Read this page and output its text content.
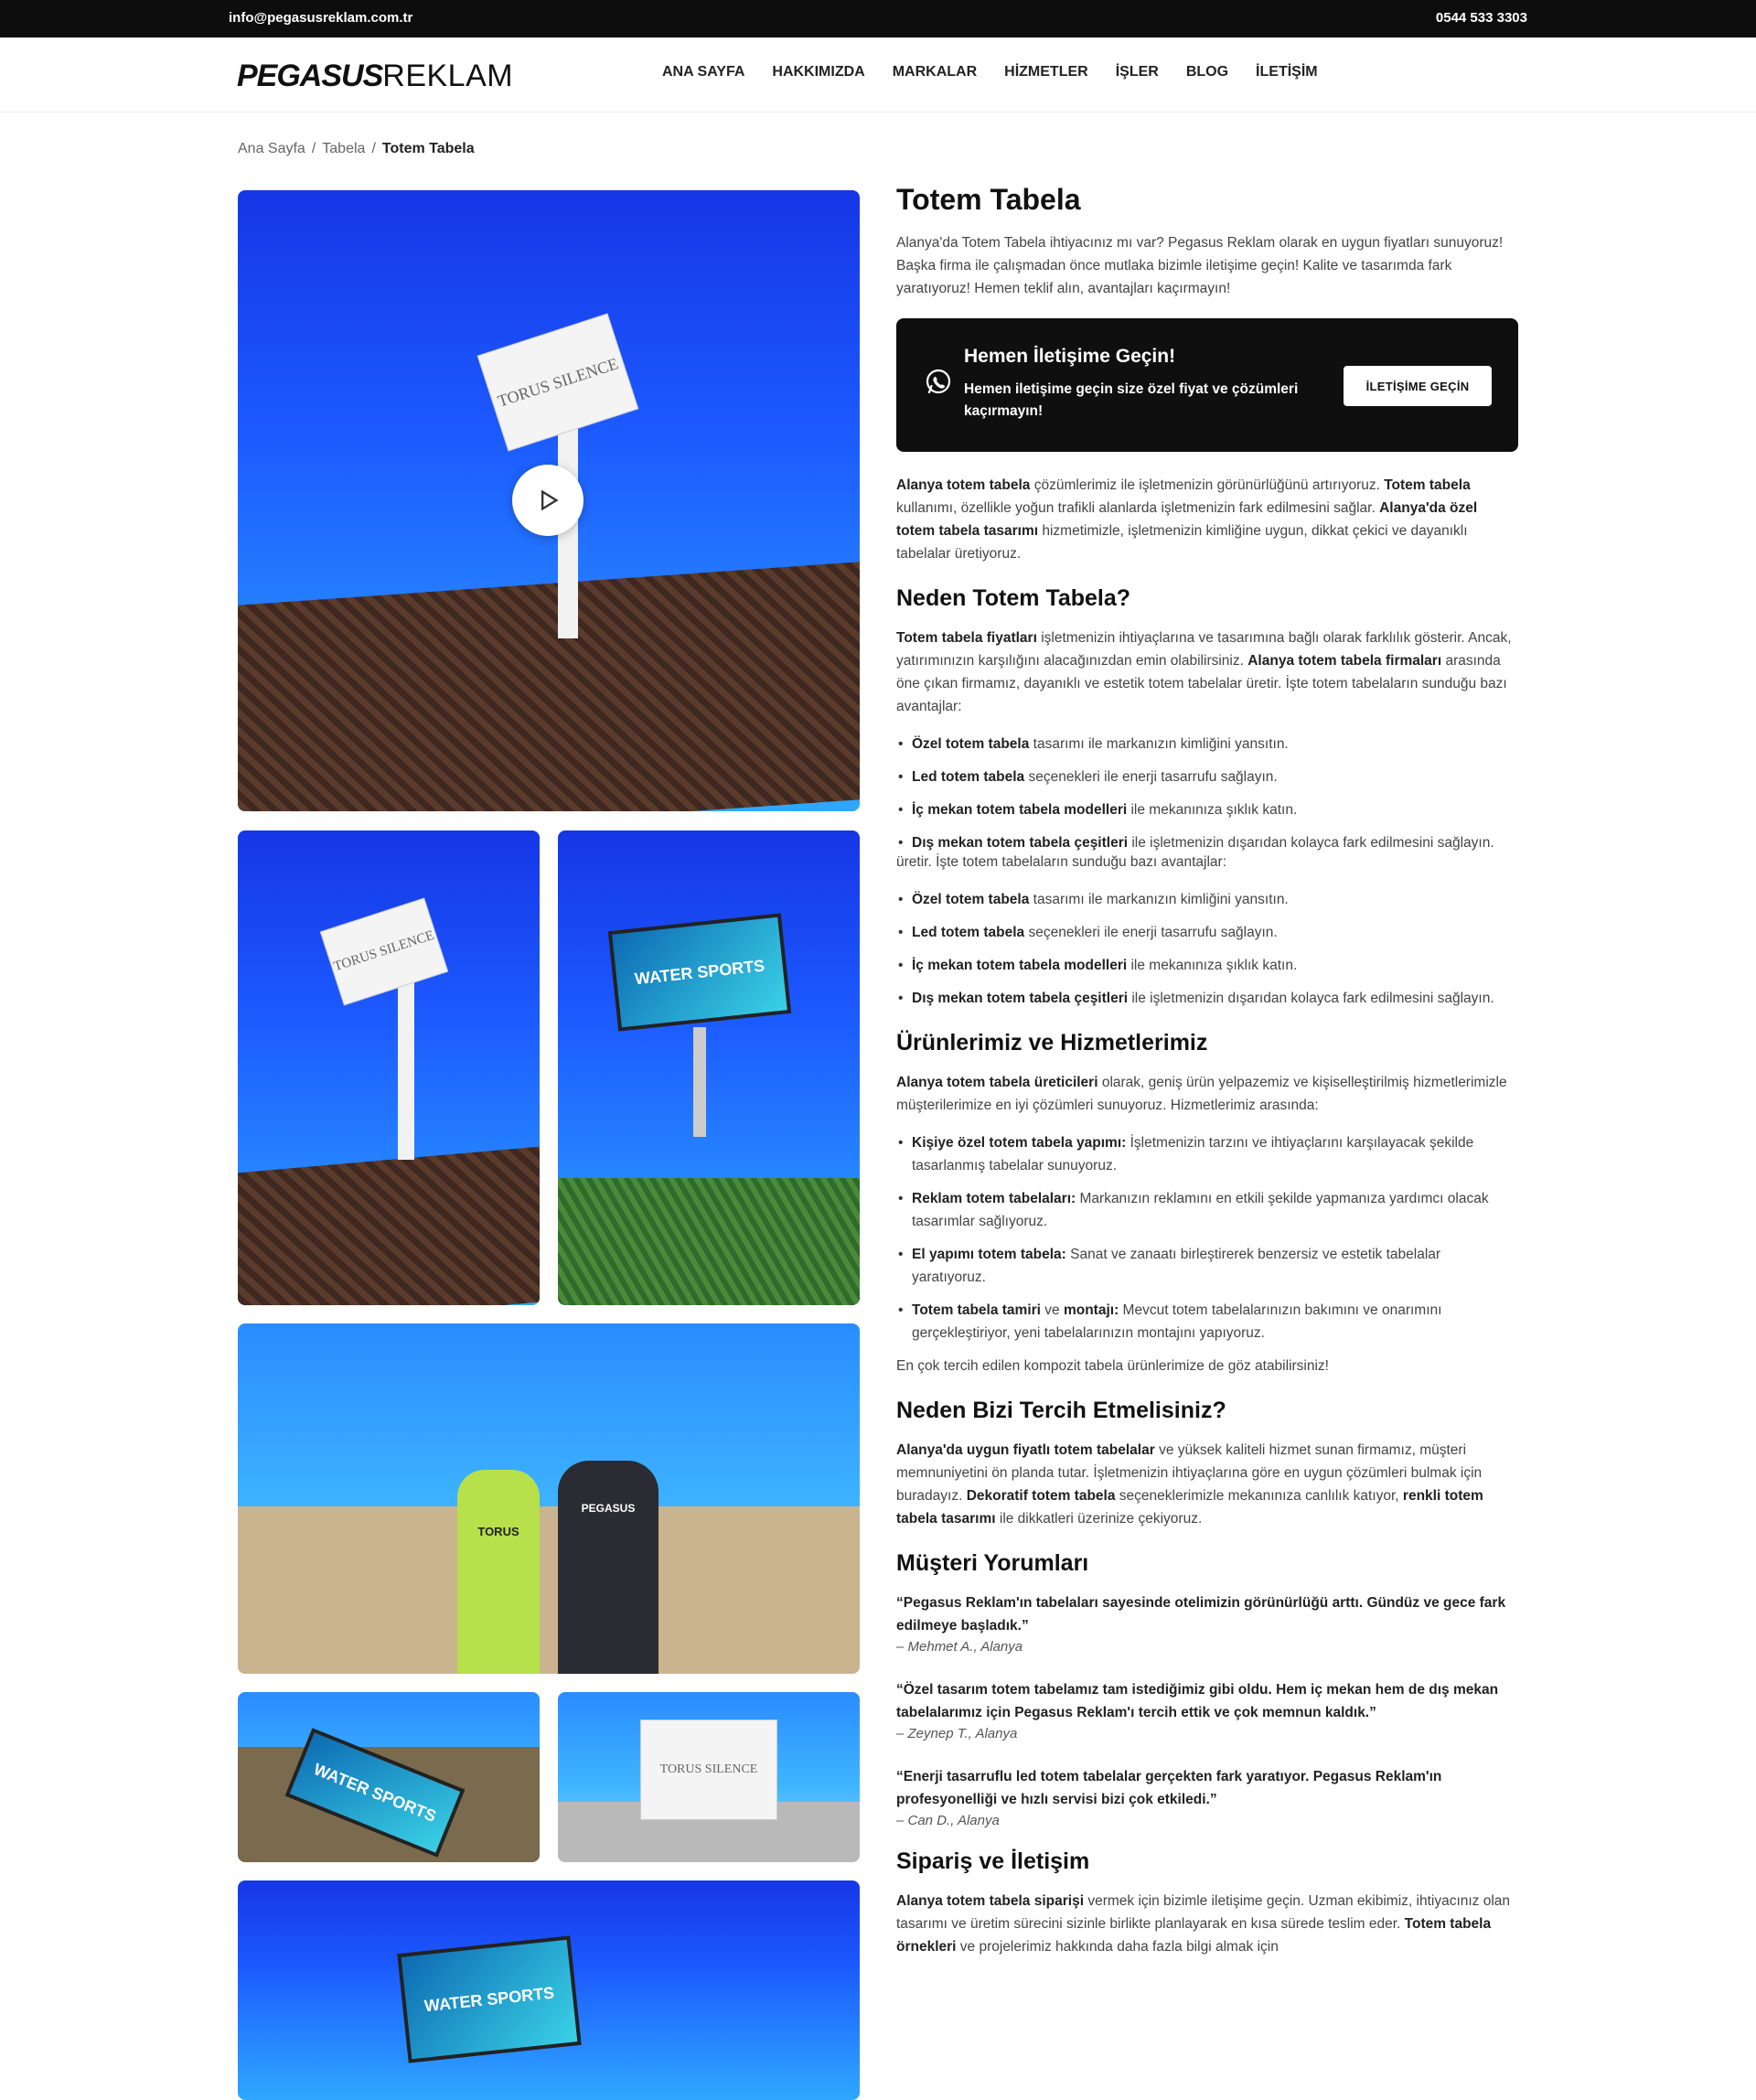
info@pegasusreklam.com.tr	0544 533 3303
PEGASUSREKLAM	ANA SAYFA HAKKIMIZDA MARKALAR HİZMETLER İŞLER BLOG İLETİŞİM
Ana Sayfa / Tabela / Totem Tabela
TORUS SILENCE
TORUS SILENCE	WATER SPORTS
TORUS
PEGASUS
WATER SPORTS	TORUS SILENCE
WATER SPORTS
Totem Tabela

Alanya'da Totem Tabela ihtiyacınız mı var? Pegasus Reklam olarak en uygun fiyatları sunuyoruz! Başka firma ile çalışmadan önce mutlaka bizimle iletişime geçin! Kalite ve tasarımda fark yaratıyoruz! Hemen teklif alın, avantajları kaçırmayın!

Hemen İletişime Geçin!
Hemen iletişime geçin size özel fiyat ve çözümleri kaçırmayın!
İLETİŞİME GEÇİN

Alanya totem tabela çözümlerimiz ile işletmenizin görünürlüğünü artırıyoruz. Totem tabela kullanımı, özellikle yoğun trafikli alanlarda işletmenizin fark edilmesini sağlar. Alanya'da özel totem tabela tasarımı hizmetimizle, işletmenizin kimliğine uygun, dikkat çekici ve dayanıklı tabelalar üretiyoruz.

Neden Totem Tabela?

Totem tabela fiyatları işletmenizin ihtiyaçlarına ve tasarımına bağlı olarak farklılık gösterir. Ancak, yatırımınızın karşılığını alacağınızdan emin olabilirsiniz. Alanya totem tabela firmaları arasında öne çıkan firmamız, dayanıklı ve estetik totem tabelalar üretir. İşte totem tabelaların sunduğu bazı avantajlar:

• Özel totem tabela tasarımı ile markanızın kimliğini yansıtın.
• Led totem tabela seçenekleri ile enerji tasarrufu sağlayın.
• İç mekan totem tabela modelleri ile mekanınıza şıklık katın.
• Dış mekan totem tabela çeşitleri ile işletmenizin dışarıdan kolayca fark edilmesini sağlayın.

üretir. İşte totem tabelaların sunduğu bazı avantajlar:

• Özel totem tabela tasarımı ile markanızın kimliğini yansıtın.
• Led totem tabela seçenekleri ile enerji tasarrufu sağlayın.
• İç mekan totem tabela modelleri ile mekanınıza şıklık katın.
• Dış mekan totem tabela çeşitleri ile işletmenizin dışarıdan kolayca fark edilmesini sağlayın.
Ürünlerimiz ve Hizmetlerimiz

Alanya totem tabela üreticileri olarak, geniş ürün yelpazemiz ve kişiselleştirilmiş hizmetlerimizle müşterilerimize en iyi çözümleri sunuyoruz. Hizmetlerimiz arasında:

• Kişiye özel totem tabela yapımı: İşletmenizin tarzını ve ihtiyaçlarını karşılayacak şekilde tasarlanmış tabelalar sunuyoruz.
• Reklam totem tabelaları: Markanızın reklamını en etkili şekilde yapmanıza yardımcı olacak tasarımlar sağlıyoruz.
• El yapımı totem tabela: Sanat ve zanaatı birleştirerek benzersiz ve estetik tabelalar yaratıyoruz.
• Totem tabela tamiri ve montajı: Mevcut totem tabelalarınızın bakımını ve onarımını gerçekleştiriyor, yeni tabelalarınızın montajını yapıyoruz.

En çok tercih edilen kompozit tabela ürünlerimize de göz atabilirsiniz!

Neden Bizi Tercih Etmelisiniz?

Alanya'da uygun fiyatlı totem tabelalar ve yüksek kaliteli hizmet sunan firmamız, müşteri memnuniyetini ön planda tutar. İşletmenizin ihtiyaçlarına göre en uygun çözümleri bulmak için buradayız. Dekoratif totem tabela seçeneklerimizle mekanınıza canlılık katıyor, renkli totem tabela tasarımı ile dikkatleri üzerinize çekiyoruz.

Müşteri Yorumları
“Pegasus Reklam'ın tabelaları sayesinde otelimizin görünürlüğü arttı. Gündüz ve gece fark edilmeye başladık.”
– Mehmet A., Alanya
“Özel tasarım totem tabelamız tam istediğimiz gibi oldu. Hem iç mekan hem de dış mekan tabelalarımız için Pegasus Reklam'ı tercih ettik ve çok memnun kaldık.”
– Zeynep T., Alanya
“Enerji tasarruflu led totem tabelalar gerçekten fark yaratıyor. Pegasus Reklam'ın profesyonelliği ve hızlı servisi bizi çok etkiledi.”
– Can D., Alanya
Sipariş ve İletişim

Alanya totem tabela siparişi vermek için bizimle iletişime geçin. Uzman ekibimiz, ihtiyacınız olan tasarımı ve üretim sürecini sizinle birlikte planlayarak en kısa sürede teslim eder. Totem tabela örnekleri ve projelerimiz hakkında daha fazla bilgi almak için
